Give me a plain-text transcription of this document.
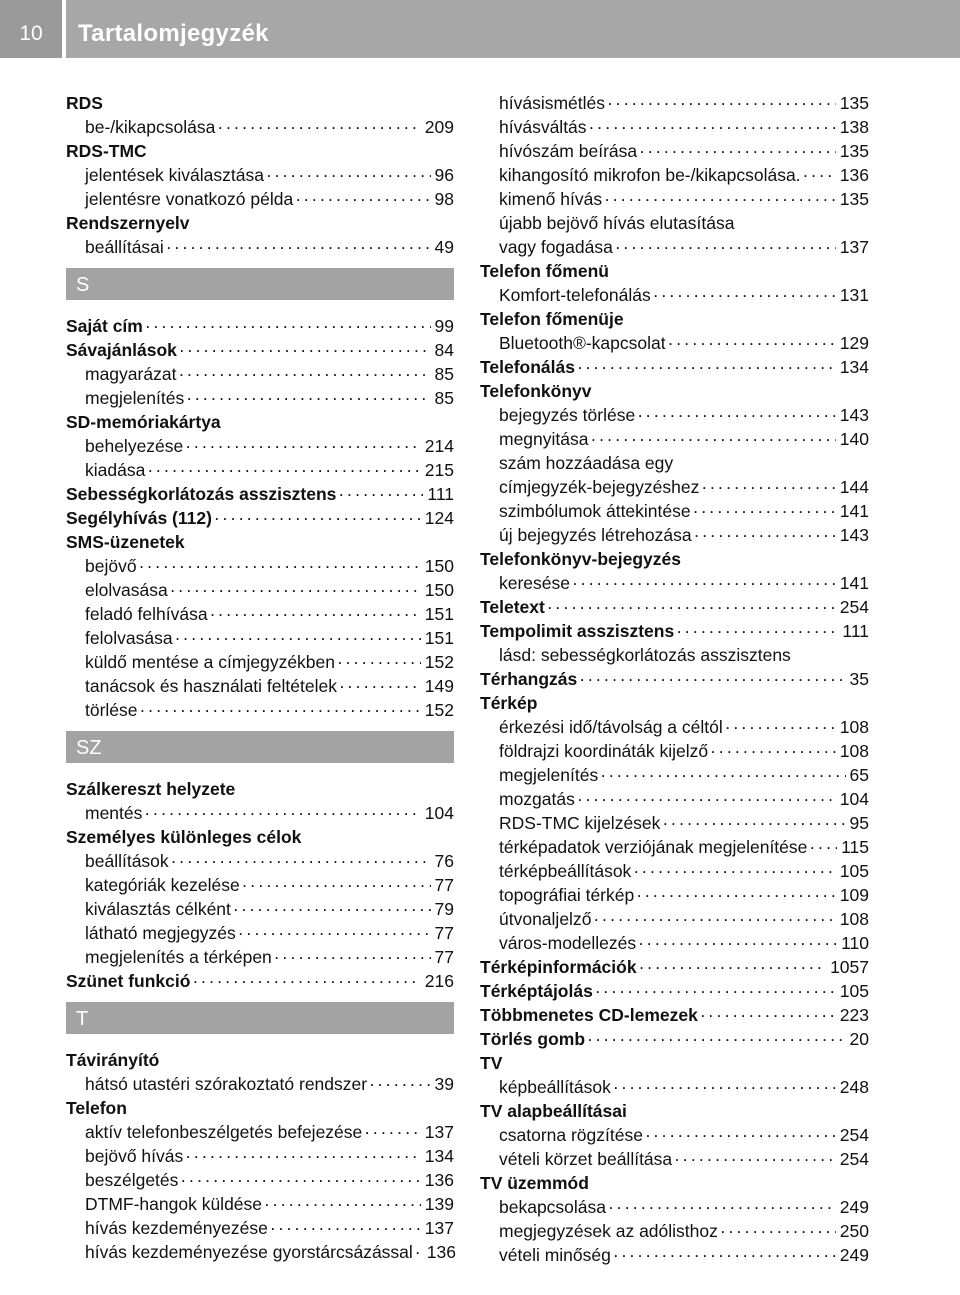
10	Tartalomjegyzék
RDS
be-/kikapcsolása · · ·	209
RDS-TMC
jelentések kiválasztása · · ·	96
jelentésre vonatkozó példa · · ·	98
Rendszernyelv
beállításai · · ·	49
S
Saját cím · · ·	99
Sávajánlások · · ·	84
magyarázat · · ·	85
megjelenítés · · ·	85
SD-memóriakártya
behelyezése · · ·	214
kiadása · · ·	215
Sebességkorlátozás asszisztens · · ·	111
Segélyhívás (112) · · ·	124
SMS-üzenetek
bejövő · · ·	150
elolvasása · · ·	150
feladó felhívása · · ·	151
felolvasása · · ·	151
küldő mentése a címjegyzékben · · ·	152
tanácsok és használati feltételek · · ·	149
törlése · · ·	152
SZ
Szálkereszt helyzete
mentés · · ·	104
Személyes különleges célok
beállítások · · ·	76
kategóriák kezelése · · ·	77
kiválasztás célként · · ·	79
látható megjegyzés · · ·	77
megjelenítés a térképen · · ·	77
Szünet funkció · · ·	216
T
Távirányító
hátsó utastéri szórakoztató rendszer · · ·	39
Telefon
aktív telefonbeszélgetés befejezése · · ·	137
bejövő hívás · · ·	134
beszélgetés · · ·	136
DTMF-hangok küldése · · ·	139
hívás kezdeményezése · · ·	137
hívás kezdeményezése gyorstárcsázással · · · 136
hívásismétlés · · ·	135
hívásváltás · · ·	138
hívószám beírása · · ·	135
kihangosító mikrofon be-/kikapcsolása. · · · 136
kimenő hívás · · ·	135
újabb bejövő hívás elutasítása
vagy fogadása · · ·	137
Telefon főmenü
Komfort-telefonálás · · ·	131
Telefon főmenüje
Bluetooth®-kapcsolat · · ·	129
Telefonálás · · ·	134
Telefonkönyv
bejegyzés törlése · · ·	143
megnyitása · · ·	140
szám hozzáadása egy
címjegyzék-bejegyzéshez · · ·	144
szimbólumok áttekintése · · ·	141
új bejegyzés létrehozása · · ·	143
Telefonkönyv-bejegyzés
keresése · · ·	141
Teletext · · ·	254
Tempolimit asszisztens · · ·	111
lásd: sebességkorlátozás asszisztens
Térhangzás · · ·	35
Térkép
érkezési idő/távolság a céltól · · ·	108
földrajzi koordináták kijelző · · ·	108
megjelenítés · · ·	65
mozgatás · · ·	104
RDS-TMC kijelzések · · ·	95
térképadatok verziójának megjelenítése · · · 115
térképbeállítások · · ·	105
topográfiai térkép · · ·	109
útvonaljelző · · ·	108
város-modellezés · · ·	110
Térképinformációk · · ·	1057
Térképtájolás · · ·	105
Többmenetes CD-lemezek · · ·	223
Törlés gomb · · ·	20
TV
képbeállítások · · ·	248
TV alapbeállításai
csatorna rögzítése · · ·	254
vételi körzet beállítása · · ·	254
TV üzemmód
bekapcsolása · · ·	249
megjegyzések az adólisthoz · · ·	250
vételi minőség · · ·	249
